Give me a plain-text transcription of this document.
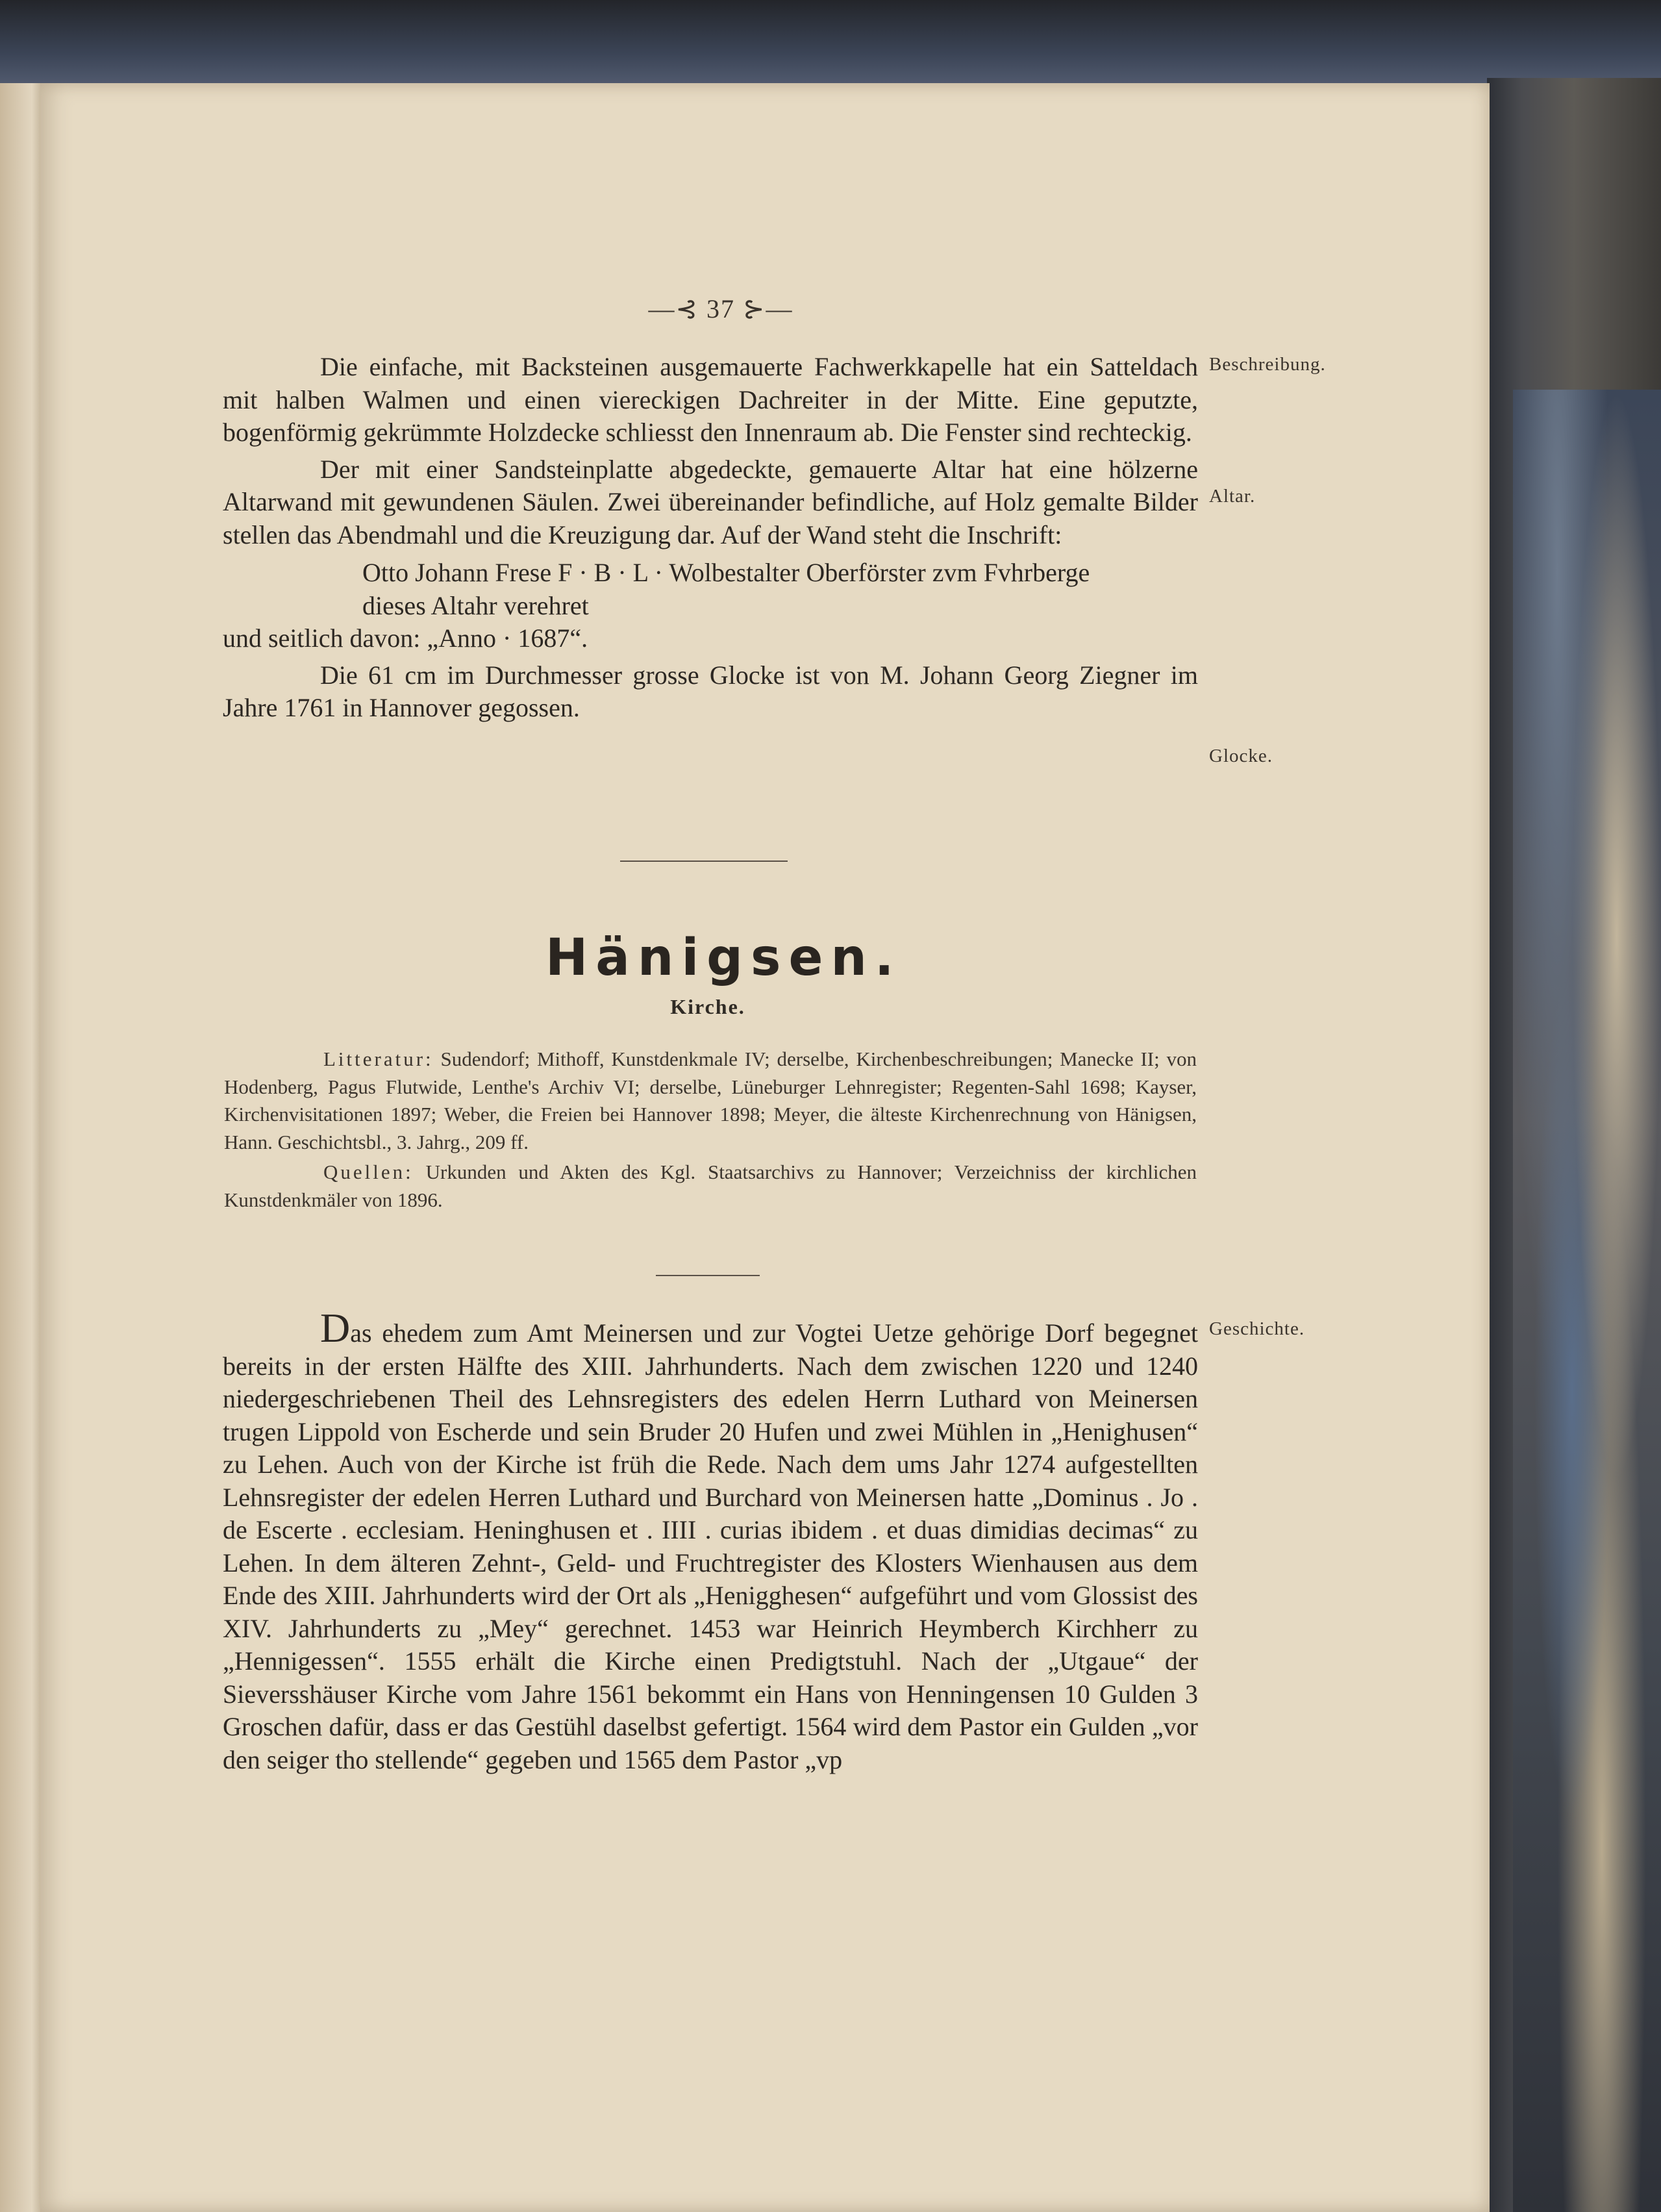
—⊰ 37 ⊱—

Die einfache, mit Backsteinen ausgemauerte Fachwerkkapelle hat ein Satteldach mit halben Walmen und einen viereckigen Dachreiter in der Mitte. Eine geputzte, bogenförmig gekrümmte Holzdecke schliesst den Innenraum ab. Die Fenster sind rechteckig.

Der mit einer Sandsteinplatte abgedeckte, gemauerte Altar hat eine hölzerne Altarwand mit gewundenen Säulen. Zwei übereinander befindliche, auf Holz gemalte Bilder stellen das Abendmahl und die Kreuzigung dar. Auf der Wand steht die Inschrift:

Otto Johann Frese F · B · L · Wolbestalter Oberförster zvm Fvhrberge

dieses Altahr verehret

und seitlich davon: „Anno · 1687“.

Die 61 cm im Durchmesser grosse Glocke ist von M. Johann Georg Ziegner im Jahre 1761 in Hannover gegossen.

Beschreibung.
Altar.
Glocke.
Hänigsen.
Kirche.

Litteratur: Sudendorf; Mithoff, Kunstdenkmale IV; derselbe, Kirchenbeschreibungen; Manecke II; von Hodenberg, Pagus Flutwide, Lenthe's Archiv VI; derselbe, Lüneburger Lehnregister; Regenten-Sahl 1698; Kayser, Kirchenvisitationen 1897; Weber, die Freien bei Hannover 1898; Meyer, die älteste Kirchenrechnung von Hänigsen, Hann. Geschichtsbl., 3. Jahrg., 209 ff.

Quellen: Urkunden und Akten des Kgl. Staatsarchivs zu Hannover; Verzeichniss der kirchlichen Kunstdenkmäler von 1896.

Das ehedem zum Amt Meinersen und zur Vogtei Uetze gehörige Dorf begegnet bereits in der ersten Hälfte des XIII. Jahrhunderts. Nach dem zwischen 1220 und 1240 niedergeschriebenen Theil des Lehnsregisters des edelen Herrn Luthard von Meinersen trugen Lippold von Escherde und sein Bruder 20 Hufen und zwei Mühlen in „Henighusen“ zu Lehen. Auch von der Kirche ist früh die Rede. Nach dem ums Jahr 1274 aufgestellten Lehnsregister der edelen Herren Luthard und Burchard von Meinersen hatte „Dominus . Jo . de Escerte . ecclesiam. Heninghusen et . IIII . curias ibidem . et duas dimidias decimas“ zu Lehen. In dem älteren Zehnt-, Geld- und Fruchtregister des Klosters Wienhausen aus dem Ende des XIII. Jahrhunderts wird der Ort als „Henigghesen“ aufgeführt und vom Glossist des XIV. Jahrhunderts zu „Mey“ gerechnet. 1453 war Heinrich Heymberch Kirchherr zu „Hennigessen“. 1555 erhält die Kirche einen Predigtstuhl. Nach der „Utgaue“ der Sieversshäuser Kirche vom Jahre 1561 bekommt ein Hans von Henningensen 10 Gulden 3 Groschen dafür, dass er das Gestühl daselbst gefertigt. 1564 wird dem Pastor ein Gulden „vor den seiger tho stellende“ gegeben und 1565 dem Pastor „vp

Geschichte.
